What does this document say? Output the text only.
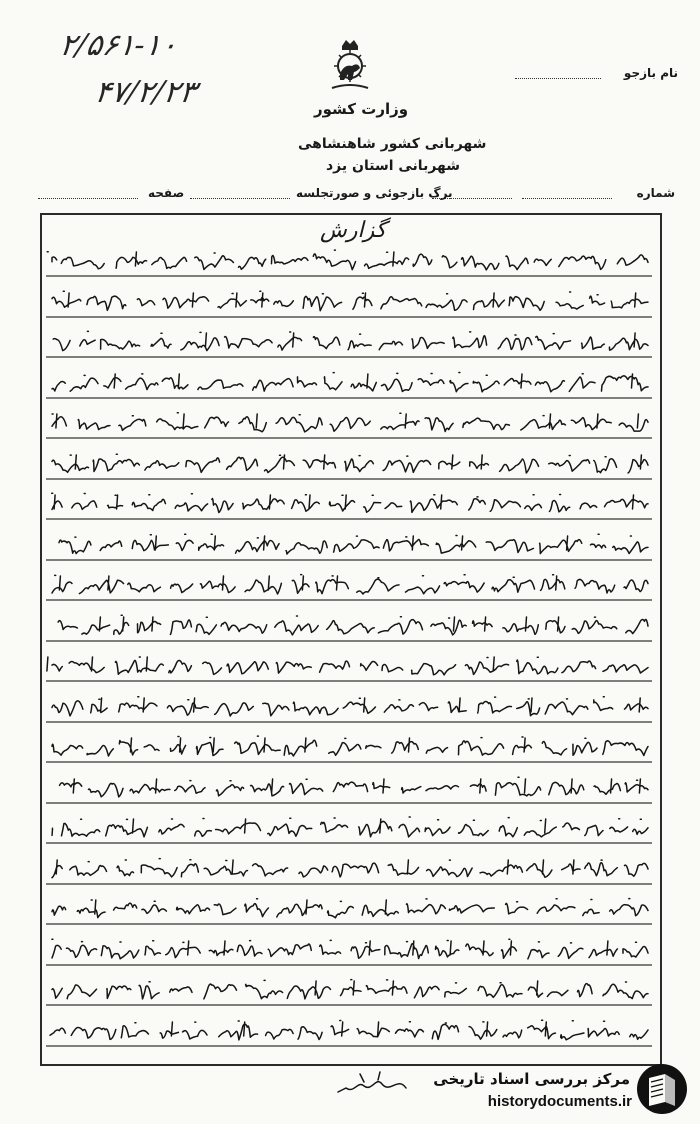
۲/۵۶۱-۱۰
۴۷/۲/۲۳	وزارت کشور
شهربانی کشور شاهنشاهی
شهربانی استان یزد
نام بازجو
شماره
برگ بازجوئی و صورتجلسه
صفحه
گزارش
مرکز بررسی اسناد تاریخی
historydocuments.ir
